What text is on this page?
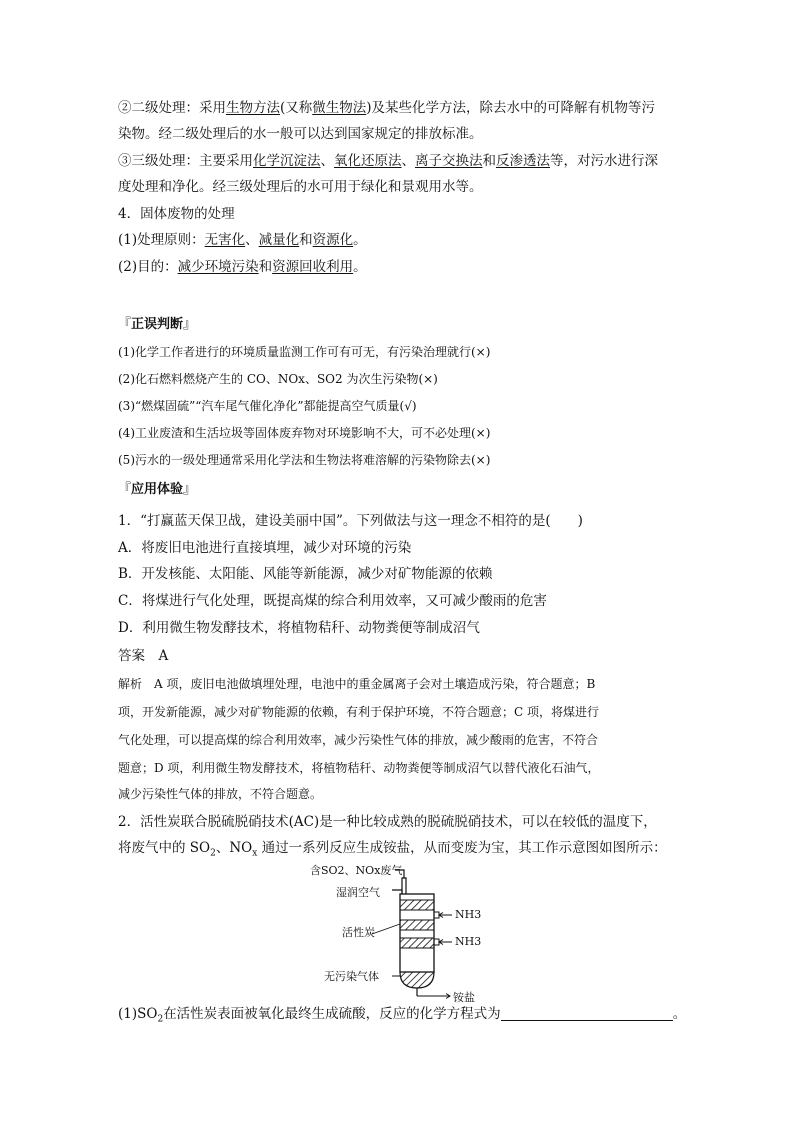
②二级处理：采用生物方法(又称微生物法)及某些化学方法，除去水中的可降解有机物等污
染物。经二级处理后的水一般可以达到国家规定的排放标准。
③三级处理：主要采用化学沉淀法、氧化还原法、离子交换法和反渗透法等，对污水进行深
度处理和净化。经三级处理后的水可用于绿化和景观用水等。
4．固体废物的处理
(1)处理原则：无害化、减量化和资源化。
(2)目的：减少环境污染和资源回收利用。
『正误判断』
(1)化学工作者进行的环境质量监测工作可有可无，有污染治理就行(×)
(2)化石燃料燃烧产生的 CO、NOx、SO2 为次生污染物(×)
(3)“燃煤固硫”“汽车尾气催化净化”都能提高空气质量(√)
(4)工业废渣和生活垃圾等固体废弃物对环境影响不大，可不必处理(×)
(5)污水的一级处理通常采用化学法和生物法将难溶解的污染物除去(×)
『应用体验』
1．“打赢蓝天保卫战，建设美丽中国”。下列做法与这一理念不相符的是(　　)
A．将废旧电池进行直接填埋，减少对环境的污染
B．开发核能、太阳能、风能等新能源，减少对矿物能源的依赖
C．将煤进行气化处理，既提高煤的综合利用效率，又可减少酸雨的危害
D．利用微生物发酵技术，将植物秸秆、动物粪便等制成沼气
答案　A
解析　A 项，废旧电池做填埋处理，电池中的重金属离子会对土壤造成污染，符合题意；B
项，开发新能源，减少对矿物能源的依赖，有利于保护环境，不符合题意；C 项，将煤进行
气化处理，可以提高煤的综合利用效率，减少污染性气体的排放，减少酸雨的危害，不符合
题意；D 项，利用微生物发酵技术，将植物秸秆、动物粪便等制成沼气以替代液化石油气，
减少污染性气体的排放，不符合题意。
2．活性炭联合脱硫脱硝技术(AC)是一种比较成熟的脱硫脱硝技术，可以在较低的温度下，
将废气中的 $SO_2$、$NO_x$ 通过一系列反应生成铵盐，从而变废为宝，其工作示意图如图所示：
含SO2、NOx废气
湿润空气
活性炭
NH3
NH3
无污染气体
铵盐
$(1)SO_2$在活性炭表面被氧化最终生成硫酸，反应的化学方程式为	。
